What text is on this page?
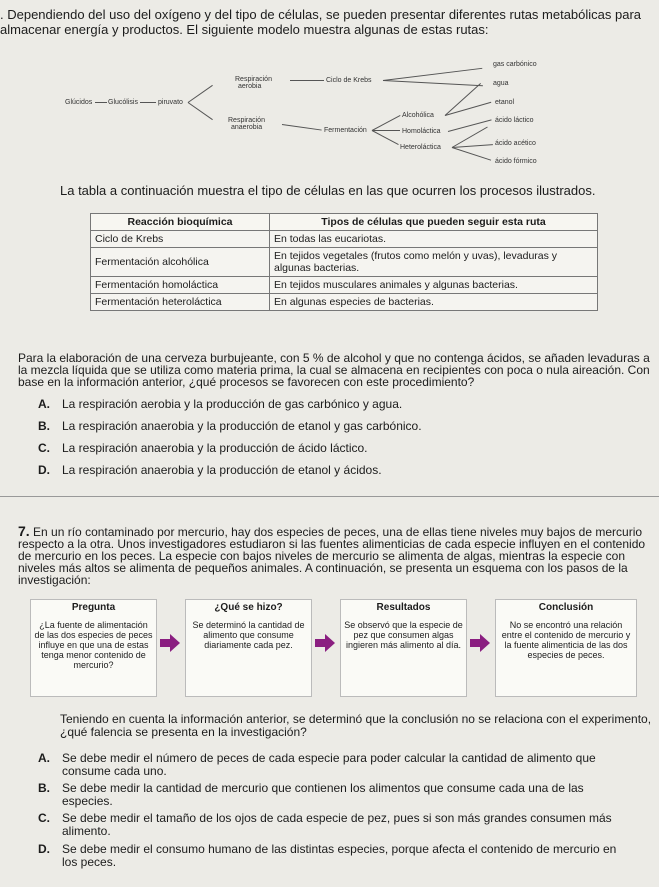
. Dependiendo del uso del oxígeno y del tipo de células, se pueden presentar diferentes rutas metabólicas para almacenar energía y productos. El siguiente modelo muestra algunas de estas rutas:

Glúcidos Glucólisis	piruvato
Respiración
aerobia
Ciclo de Krebs
gas carbónico
agua
Respiración
anaerobia	Fermentación
Alcohólica
Homoláctica
Heteroláctica
etanol
ácido láctico
ácido acético
ácido fórmico

La tabla a continuación muestra el tipo de células en las que ocurren los procesos ilustrados.

Reacción bioquímica	Tipos de células que pueden seguir esta ruta
Ciclo de Krebs	En todas las eucariotas.
Fermentación alcohólica	En tejidos vegetales (frutos como melón y uvas), levaduras y algunas bacterias.
Fermentación homoláctica	En tejidos musculares animales y algunas bacterias.
Fermentación heteroláctica	En algunas especies de bacterias.

Para la elaboración de una cerveza burbujeante, con 5 % de alcohol y que no contenga ácidos, se añaden levaduras a la mezcla líquida que se utiliza como materia prima, la cual se almacena en recipientes con poca o nula aireación. Con base en la información anterior, ¿qué procesos se favorecen con este procedimiento?

A. La respiración aerobia y la producción de gas carbónico y agua.
B. La respiración anaerobia y la producción de etanol y gas carbónico.
C. La respiración anaerobia y la producción de ácido láctico.
D. La respiración anaerobia y la producción de etanol y ácidos.

7. En un río contaminado por mercurio, hay dos especies de peces, una de ellas tiene niveles muy bajos de mercurio respecto a la otra. Unos investigadores estudiaron si las fuentes alimenticias de cada especie influyen en el contenido de mercurio en los peces. La especie con bajos niveles de mercurio se alimenta de algas, mientras la especie con niveles más altos se alimenta de pequeños animales. A continuación, se presenta un esquema con los pasos de la investigación:

Pregunta
¿La fuente de alimentación de las dos especies de peces influye en que una de estas tenga menor contenido de mercurio?
¿Qué se hizo?
Se determinó la cantidad de alimento que consume diariamente cada pez.
Resultados
Se observó que la especie de pez que consumen algas ingieren más alimento al día.
Conclusión
No se encontró una relación entre el contenido de mercurio y la fuente alimenticia de las dos especies de peces.

Teniendo en cuenta la información anterior, se determinó que la conclusión no se relaciona con el experimento, ¿qué falencia se presenta en la investigación?

A. Se debe medir el número de peces de cada especie para poder calcular la cantidad de alimento que consume cada uno.
B. Se debe medir la cantidad de mercurio que contienen los alimentos que consume cada una de las especies.
C. Se debe medir el tamaño de los ojos de cada especie de pez, pues si son más grandes consumen más alimento.
D. Se debe medir el consumo humano de las distintas especies, porque afecta el contenido de mercurio en los peces.
